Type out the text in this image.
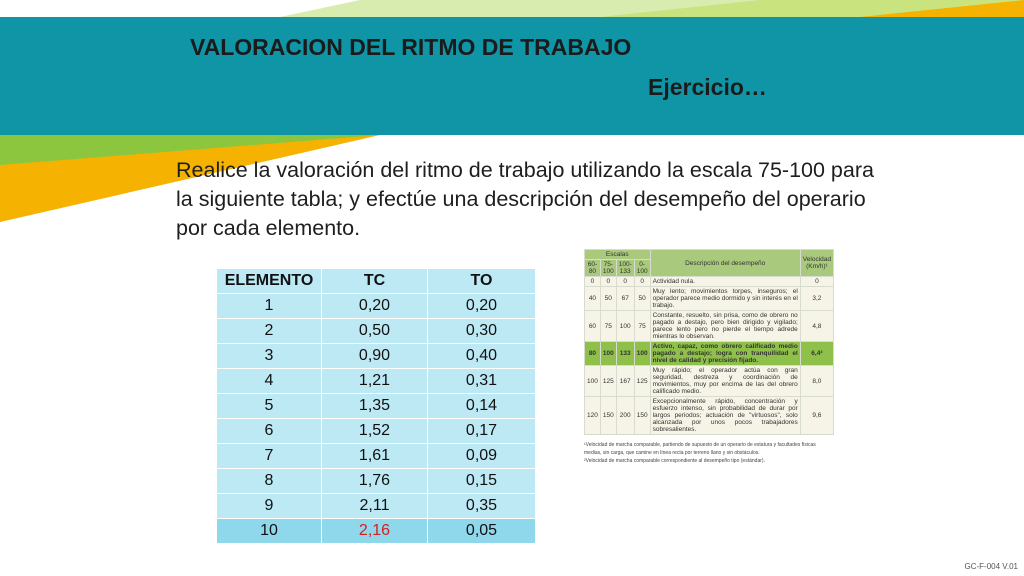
VALORACION DEL RITMO DE TRABAJO
Ejercicio…
Realice la valoración del ritmo de trabajo utilizando la escala 75-100 para la siguiente tabla; y efectúe una descripción del desempeño del operario por cada elemento.
ELEMENTO	TC	TO
1	0,20	0,20
2	0,50	0,30
3	0,90	0,40
4	1,21	0,31
5	1,35	0,14
6	1,52	0,17
7	1,61	0,09
8	1,76	0,15
9	2,11	0,35
10	2,16	0,05
Escalas				Descripción del desempeño	Velocidad (Km/h)¹
60-80	75-100	100-133	0-100		
0	0	0	0	Actividad nula.	0
40	50	67	50	Muy lento; movimientos torpes, inseguros; el operador parece medio dormido y sin interés en el trabajo.	3,2
60	75	100	75	Constante, resuelto, sin prisa, como de obrero no pagado a destajo, pero bien dirigido y vigilado; parece lento pero no pierde el tiempo adrede mientras lo observan.	4,8
80	100	133	100	Activo, capaz, como obrero calificado medio pagado a destajo; logra con tranquilidad el nivel de calidad y precisión fijado.	6,4²
100	125	167	125	Muy rápido; el operador actúa con gran seguridad, destreza y coordinación de movimientos, muy por encima de las del obrero calificado medio.	8,0
120	150	200	150	Excepcionalmente rápido, concentración y esfuerzo intenso, sin probabilidad de durar por largos periodos; actuación de "virtuosos", solo alcanzada por unos pocos trabajadores sobresalientes.	9,6
¹Velocidad de marcha comparable, partiendo de supuesto de un operario de estatura y facultades físicas medias, sin carga, que camine en línea recta por terreno llano y sin obstáculos.
²Velocidad de marcha comparable correspondiente al desempeño tipo (estándar).
GC-F-004 V.01
